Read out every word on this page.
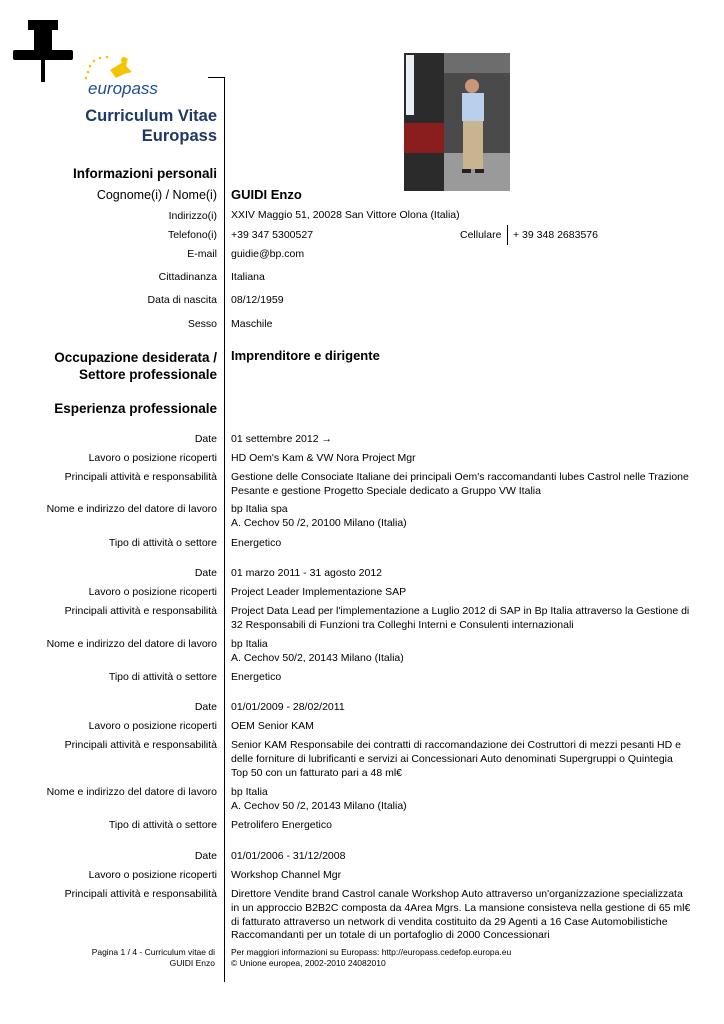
europass
Curriculum Vitae
Europass
Informazioni personali
Cognome(i) / Nome(i) GUIDI Enzo
Indirizzo(i) XXIV Maggio 51, 20028 San Vittore Olona (Italia)
Telefono(i) +39 347 5300527	Cellulare + 39 348 2683576
E-mail guidie@bp.com
Cittadinanza Italiana
Data di nascita 08/12/1959
Sesso Maschile
Occupazione desiderata /
Settore professionale
Imprenditore e dirigente
Esperienza professionale
Date 01 settembre 2012 →
Lavoro o posizione ricoperti HD Oem's Kam & VW Nora Project Mgr
Principali attività e responsabilità Gestione delle Consociate Italiane dei principali Oem's raccomandanti lubes Castrol nelle Trazione Pesante e gestione Progetto Speciale dedicato a Gruppo VW Italia
Nome e indirizzo del datore di lavoro bp Italia spa
A. Cechov 50 /2, 20100 Milano (Italia)
Tipo di attività o settore Energetico
Date 01 marzo 2011 - 31 agosto 2012
Lavoro o posizione ricoperti Project Leader Implementazione SAP
Principali attività e responsabilità Project Data Lead per l'implementazione a Luglio 2012 di SAP in Bp Italia attraverso la Gestione di 32 Responsabili di Funzioni tra Colleghi Interni e Consulenti internazionali
Nome e indirizzo del datore di lavoro bp Italia
A. Cechov 50/2, 20143 Milano (Italia)
Tipo di attività o settore Energetico
Date 01/01/2009 - 28/02/2011
Lavoro o posizione ricoperti OEM Senior KAM
Principali attività e responsabilità Senior KAM Responsabile dei contratti di raccomandazione dei Costruttori di mezzi pesanti HD e delle forniture di lubrificanti e servizi ai Concessionari Auto denominati Supergruppi o Quintegia Top 50 con un fatturato pari a 48 ml€
Nome e indirizzo del datore di lavoro bp Italia
A. Cechov 50 /2, 20143 Milano (Italia)
Tipo di attività o settore Petrolifero Energetico
Date 01/01/2006 - 31/12/2008
Lavoro o posizione ricoperti Workshop Channel Mgr
Principali attività e responsabilità Direttore Vendite brand Castrol canale Workshop Auto attraverso un'organizzazione specializzata in un approccio B2B2C composta da 4Area Mgrs. La mansione consisteva nella gestione di 65 ml€ di fatturato attraverso un network di vendita costituito da 29 Agenti a 16 Case Automobilistiche Raccomandanti per un totale di un portafoglio di 2000 Concessionari
Pagina 1 / 4 - Curriculum vitae di
GUIDI Enzo
Per maggiori informazioni su Europass: http://europass.cedefop.europa.eu
© Unione europea, 2002-2010 24082010
